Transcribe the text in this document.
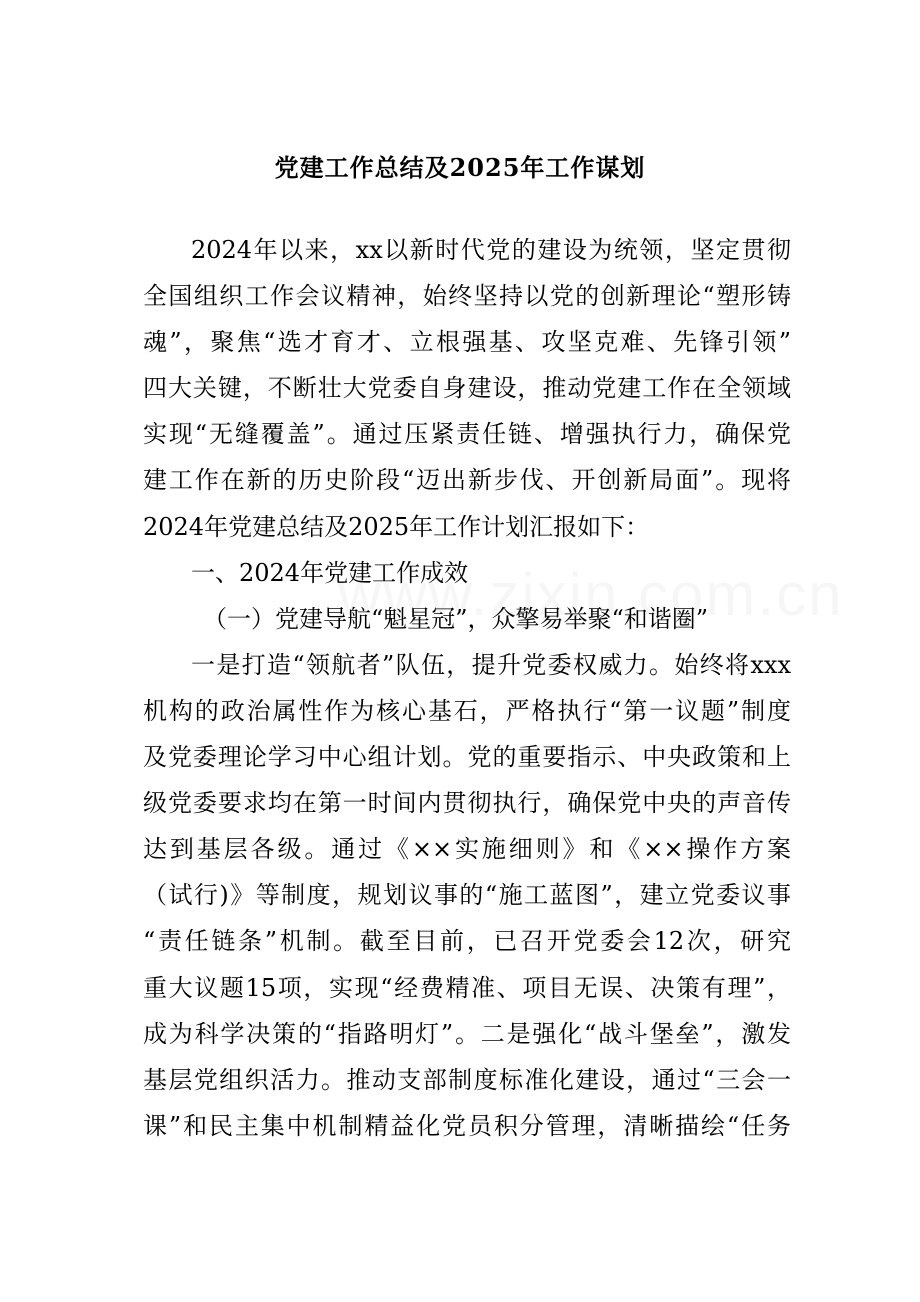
党建工作总结及2025年工作谋划
2024年以来，xx以新时代党的建设为统领，坚定贯彻
全国组织工作会议精神，始终坚持以党的创新理论“塑形铸
魂”，聚焦“选才育才、立根强基、攻坚克难、先锋引领”
四大关键，不断壮大党委自身建设，推动党建工作在全领域
实现“无缝覆盖”。通过压紧责任链、增强执行力，确保党
建工作在新的历史阶段“迈出新步伐、开创新局面”。现将
2024年党建总结及2025年工作计划汇报如下：
一、2024年党建工作成效
（一）党建导航“魁星冠”，众擎易举聚“和谐圈”
一是打造“领航者”队伍，提升党委权威力。始终将xxx
机构的政治属性作为核心基石，严格执行“第一议题”制度
及党委理论学习中心组计划。党的重要指示、中央政策和上
级党委要求均在第一时间内贯彻执行，确保党中央的声音传
达到基层各级。通过《××实施细则》和《××操作方案
（试行)》等制度，规划议事的“施工蓝图”，建立党委议事
“责任链条”机制。截至目前，已召开党委会12次，研究
重大议题15项，实现“经费精准、项目无误、决策有理”，
成为科学决策的“指路明灯”。二是强化“战斗堡垒”，激发
基层党组织活力。推动支部制度标准化建设，通过“三会一
课”和民主集中机制精益化党员积分管理，清晰描绘“任务
